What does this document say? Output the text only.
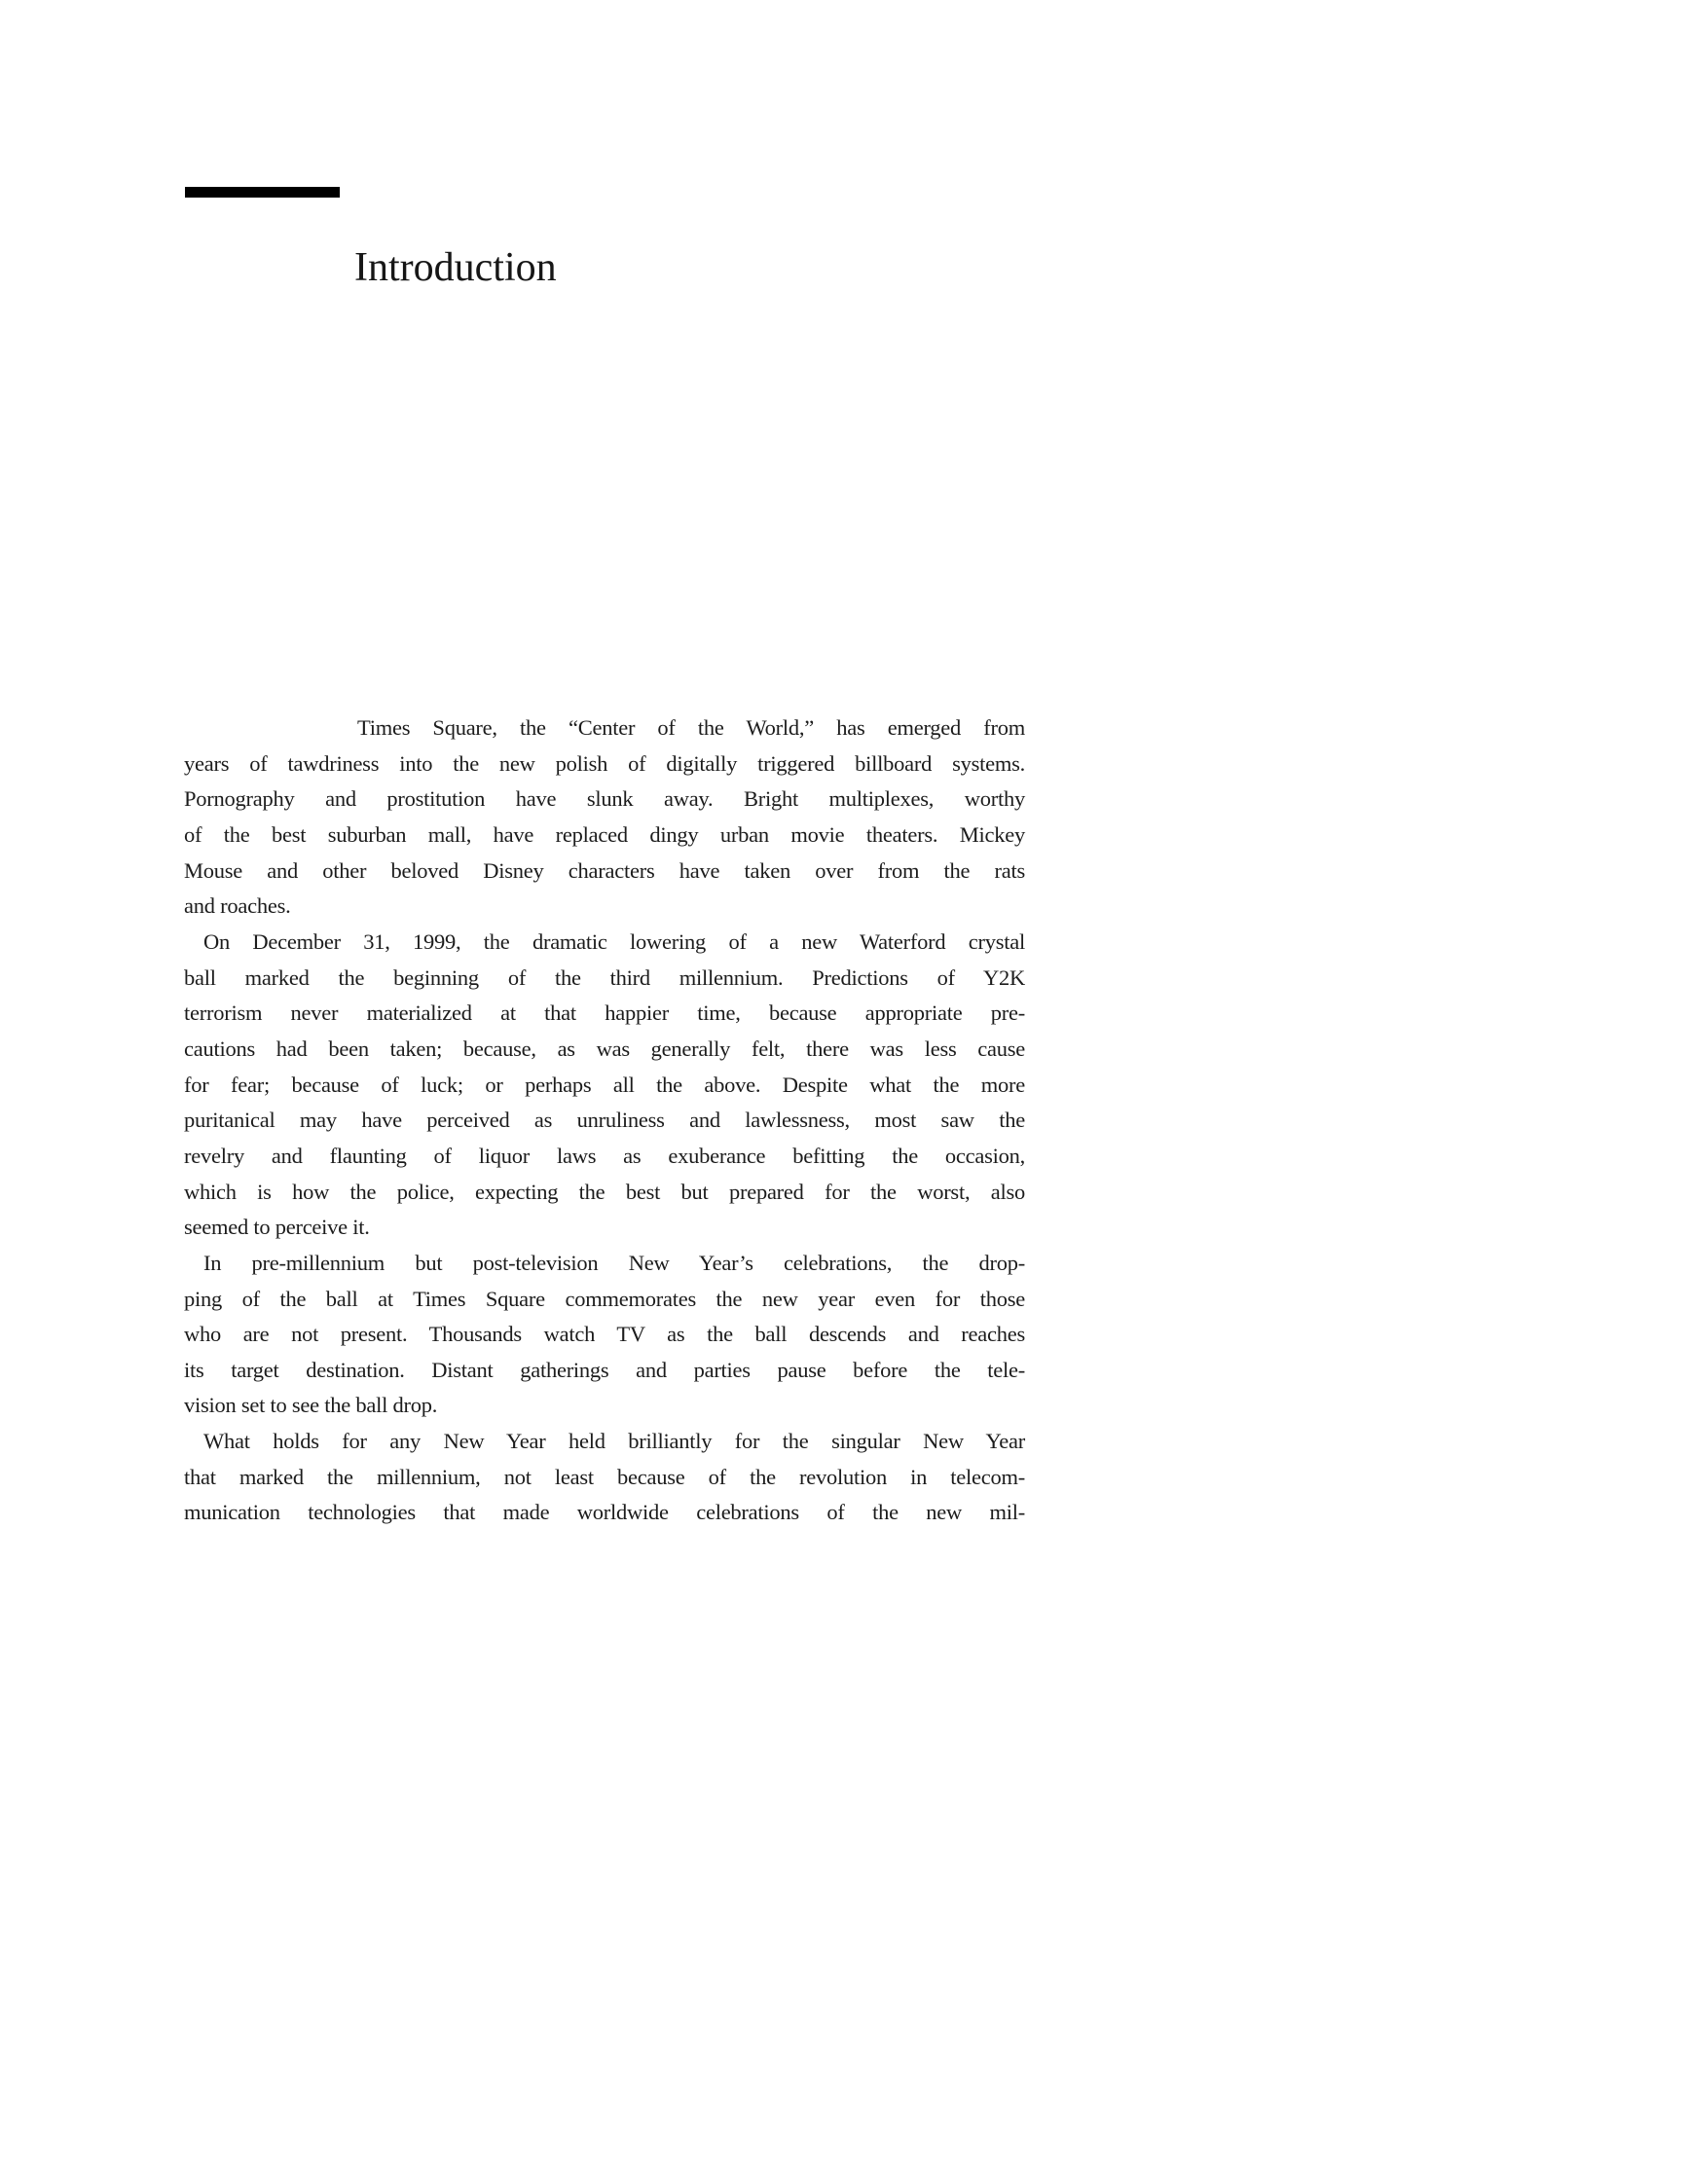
Introduction
Times Square, the “Center of the World,” has emerged from
years of tawdriness into the new polish of digitally triggered billboard systems.
Pornography and prostitution have slunk away. Bright multiplexes, worthy
of the best suburban mall, have replaced dingy urban movie theaters. Mickey
Mouse and other beloved Disney characters have taken over from the rats
and roaches.
On December 31, 1999, the dramatic lowering of a new Waterford crystal
ball marked the beginning of the third millennium. Predictions of Y2K
terrorism never materialized at that happier time, because appropriate pre-
cautions had been taken; because, as was generally felt, there was less cause
for fear; because of luck; or perhaps all the above. Despite what the more
puritanical may have perceived as unruliness and lawlessness, most saw the
revelry and flaunting of liquor laws as exuberance befitting the occasion,
which is how the police, expecting the best but prepared for the worst, also
seemed to perceive it.
In pre-millennium but post-television New Year’s celebrations, the drop-
ping of the ball at Times Square commemorates the new year even for those
who are not present. Thousands watch TV as the ball descends and reaches
its target destination. Distant gatherings and parties pause before the tele-
vision set to see the ball drop.
What holds for any New Year held brilliantly for the singular New Year
that marked the millennium, not least because of the revolution in telecom-
munication technologies that made worldwide celebrations of the new mil-
